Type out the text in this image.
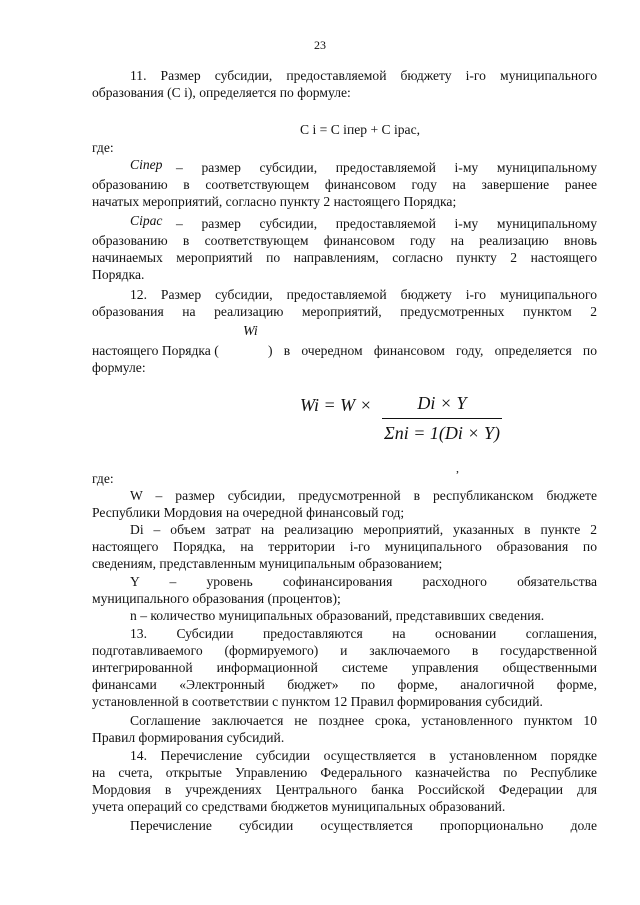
23
11. Размер субсидии, предоставляемой бюджету i-го муниципального
образования (С i), определяется по формуле:
С i = С iпер + С iрас,
где:
Сiпер – размер субсидии, предоставляемой i-му муниципальному
образованию в соответствующем финансовом году на завершение ранее
начатых мероприятий, согласно пункту 2 настоящего Порядка;
Сiрас – размер субсидии, предоставляемой i-му муниципальному
образованию в соответствующем финансовом году на реализацию вновь
начинаемых мероприятий по направлениям, согласно пункту 2 настоящего
Порядка.
12. Размер субсидии, предоставляемой бюджету i-го муниципального
образования на реализацию мероприятий, предусмотренных пунктом 2
настоящего Порядка (
Wi
) в очередном финансовом году, определяется по
формуле:
Wi = W ×	Di × Y
Σni = 1(Di × Y)
,
где:
W – размер субсидии, предусмотренной в республиканском бюджете
Республики Мордовия на очередной финансовый год;
Di – объем затрат на реализацию мероприятий, указанных в пункте 2
настоящего Порядка, на территории i-го муниципального образования по
сведениям, представленным муниципальным образованием;
Y – уровень софинансирования расходного обязательства
муниципального образования (процентов);
n – количество муниципальных образований, представивших сведения.
13. Субсидии предоставляются на основании соглашения,
подготавливаемого (формируемого) и заключаемого в государственной
интегрированной информационной системе управления общественными
финансами «Электронный бюджет» по форме, аналогичной форме,
установленной в соответствии с пунктом 12 Правил формирования субсидий.
Соглашение заключается не позднее срока, установленного пунктом 10
Правил формирования субсидий.
14. Перечисление субсидии осуществляется в установленном порядке
на счета, открытые Управлению Федерального казначейства по Республике
Мордовия в учреждениях Центрального банка Российской Федерации для
учета операций со средствами бюджетов муниципальных образований.
Перечисление субсидии осуществляется пропорционально доле
